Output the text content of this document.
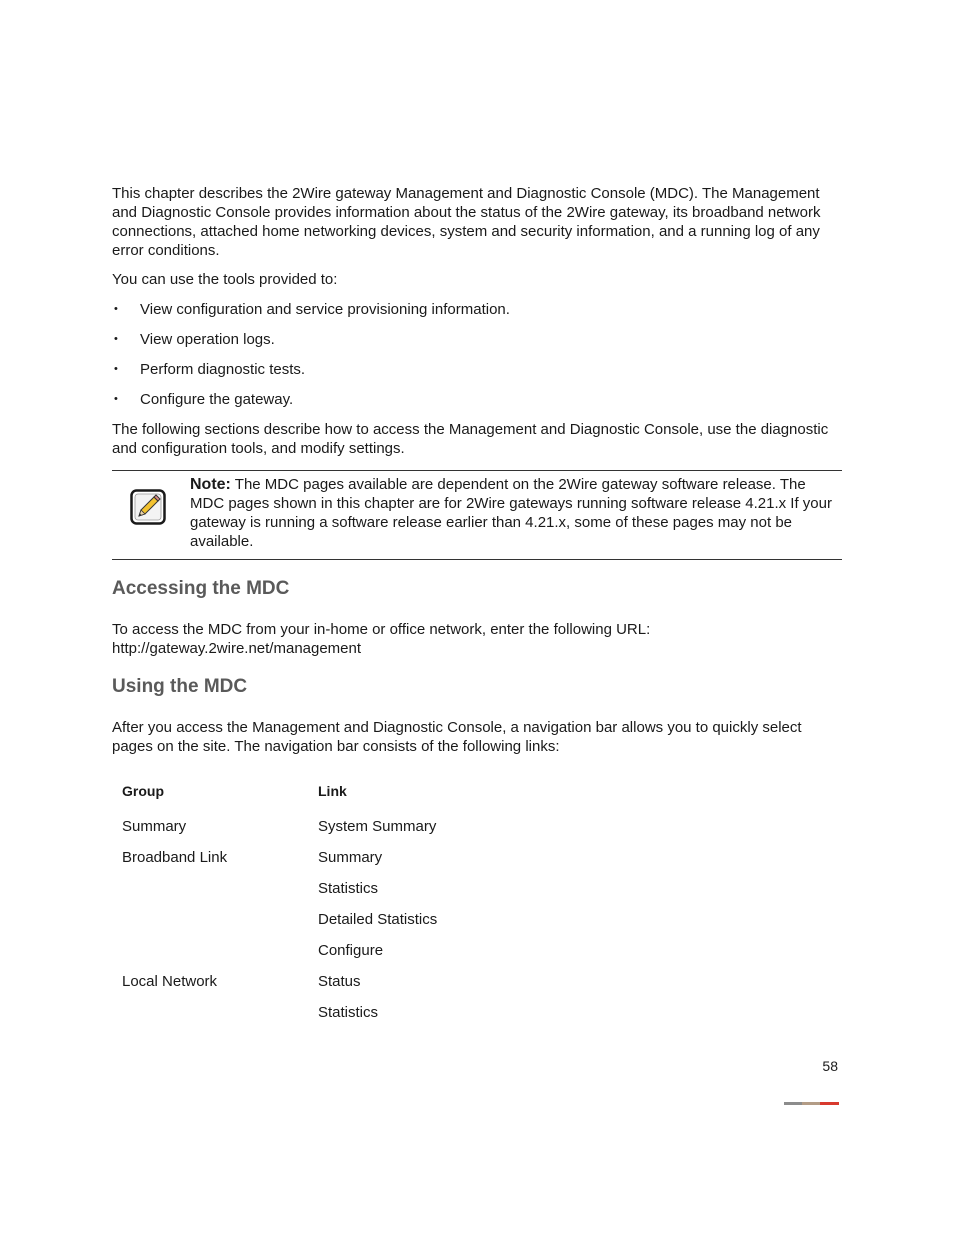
This chapter describes the 2Wire gateway Management and Diagnostic Console (MDC). The Management and Diagnostic Console provides information about the status of the 2Wire gateway, its broadband network connections, attached home networking devices, system and security information, and a running log of any error conditions.

You can use the tools provided to:

• View configuration and service provisioning information.
• View operation logs.
• Perform diagnostic tests.
• Configure the gateway.

The following sections describe how to access the Management and Diagnostic Console, use the diagnostic and configuration tools, and modify settings.

Note: The MDC pages available are dependent on the 2Wire gateway software release. The MDC pages shown in this chapter are for 2Wire gateways running software release 4.21.x If your gateway is running a software release earlier than 4.21.x, some of these pages may not be available.

Accessing the MDC

To access the MDC from your in-home or office network, enter the following URL:

http://gateway.2wire.net/management

Using the MDC

After you access the Management and Diagnostic Console, a navigation bar allows you to quickly select pages on the site. The navigation bar consists of the following links:

Group	Link
Summary	System Summary
Broadband Link	Summary
	Statistics
	Detailed Statistics
	Configure
Local Network	Status
	Statistics
58
